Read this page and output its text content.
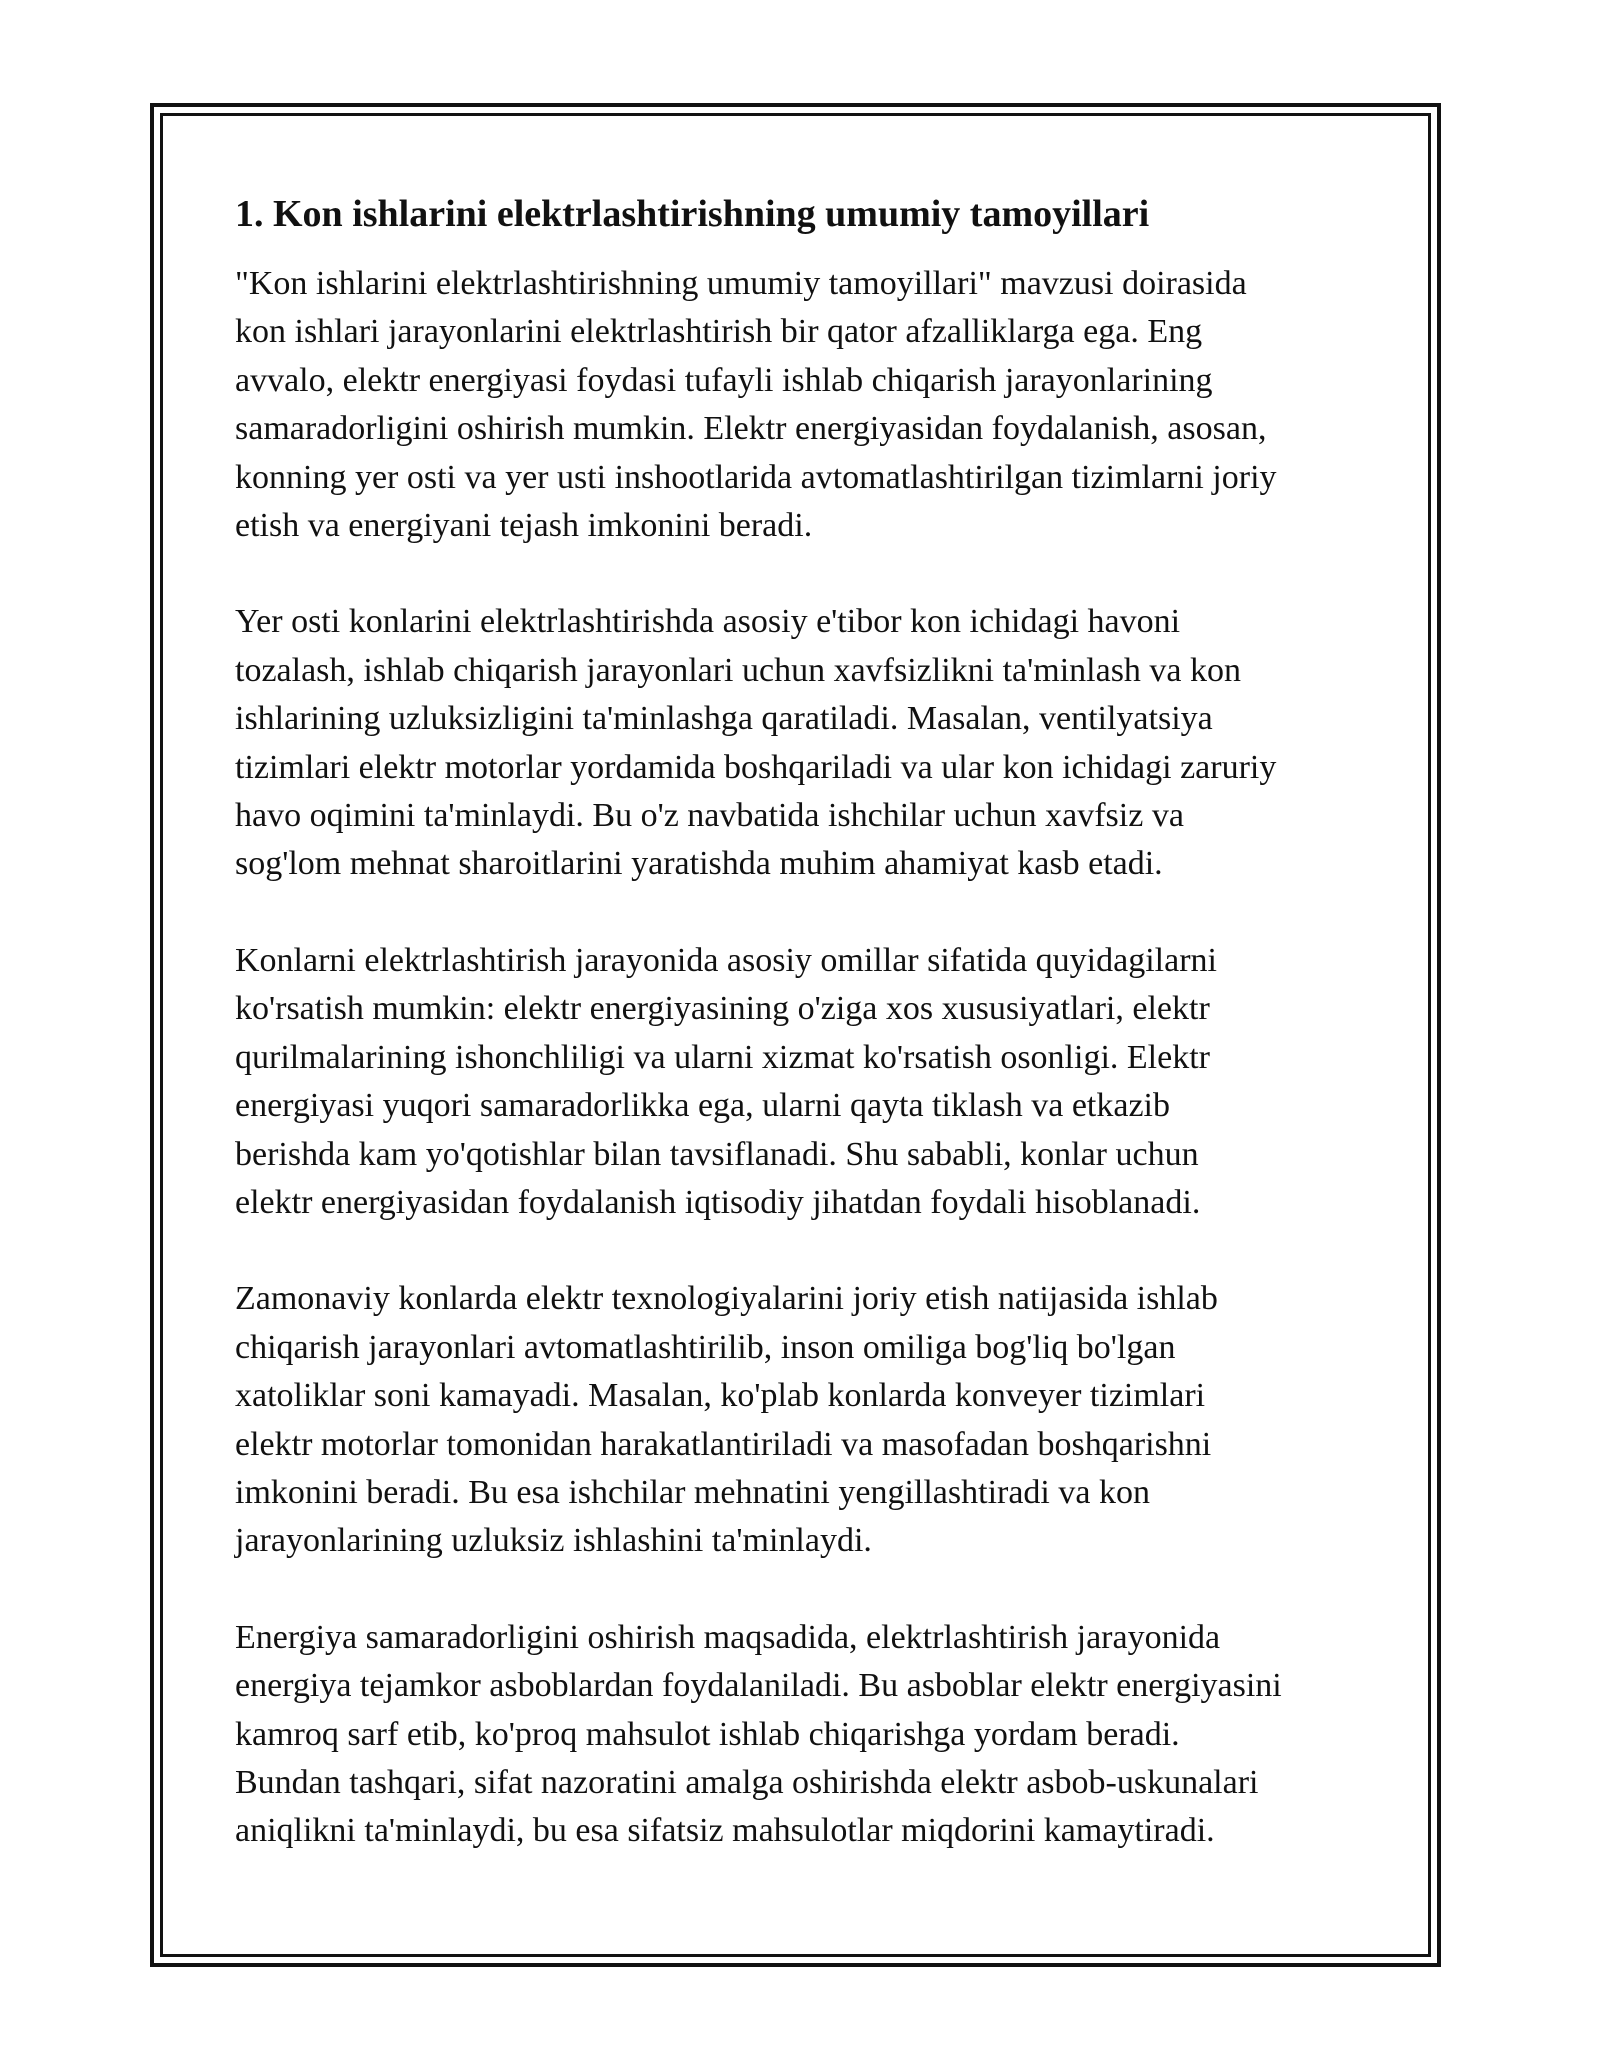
1. Kon ishlarini elektrlashtirishning umumiy tamoyillari
"Kon ishlarini elektrlashtirishning umumiy tamoyillari" mavzusi doirasida
kon ishlari jarayonlarini elektrlashtirish bir qator afzalliklarga ega. Eng
avvalo, elektr energiyasi foydasi tufayli ishlab chiqarish jarayonlarining
samaradorligini oshirish mumkin. Elektr energiyasidan foydalanish, asosan,
konning yer osti va yer usti inshootlarida avtomatlashtirilgan tizimlarni joriy
etish va energiyani tejash imkonini beradi.
Yer osti konlarini elektrlashtirishda asosiy e'tibor kon ichidagi havoni
tozalash, ishlab chiqarish jarayonlari uchun xavfsizlikni ta'minlash va kon
ishlarining uzluksizligini ta'minlashga qaratiladi. Masalan, ventilyatsiya
tizimlari elektr motorlar yordamida boshqariladi va ular kon ichidagi zaruriy
havo oqimini ta'minlaydi. Bu o'z navbatida ishchilar uchun xavfsiz va
sog'lom mehnat sharoitlarini yaratishda muhim ahamiyat kasb etadi.
Konlarni elektrlashtirish jarayonida asosiy omillar sifatida quyidagilarni
ko'rsatish mumkin: elektr energiyasining o'ziga xos xususiyatlari, elektr
qurilmalarining ishonchliligi va ularni xizmat ko'rsatish osonligi. Elektr
energiyasi yuqori samaradorlikka ega, ularni qayta tiklash va etkazib
berishda kam yo'qotishlar bilan tavsiflanadi. Shu sababli, konlar uchun
elektr energiyasidan foydalanish iqtisodiy jihatdan foydali hisoblanadi.
Zamonaviy konlarda elektr texnologiyalarini joriy etish natijasida ishlab
chiqarish jarayonlari avtomatlashtirilib, inson omiliga bog'liq bo'lgan
xatoliklar soni kamayadi. Masalan, ko'plab konlarda konveyer tizimlari
elektr motorlar tomonidan harakatlantiriladi va masofadan boshqarishni
imkonini beradi. Bu esa ishchilar mehnatini yengillashtiradi va kon
jarayonlarining uzluksiz ishlashini ta'minlaydi.
Energiya samaradorligini oshirish maqsadida, elektrlashtirish jarayonida
energiya tejamkor asboblardan foydalaniladi. Bu asboblar elektr energiyasini
kamroq sarf etib, ko'proq mahsulot ishlab chiqarishga yordam beradi.
Bundan tashqari, sifat nazoratini amalga oshirishda elektr asbob-uskunalari
aniqlikni ta'minlaydi, bu esa sifatsiz mahsulotlar miqdorini kamaytiradi.
